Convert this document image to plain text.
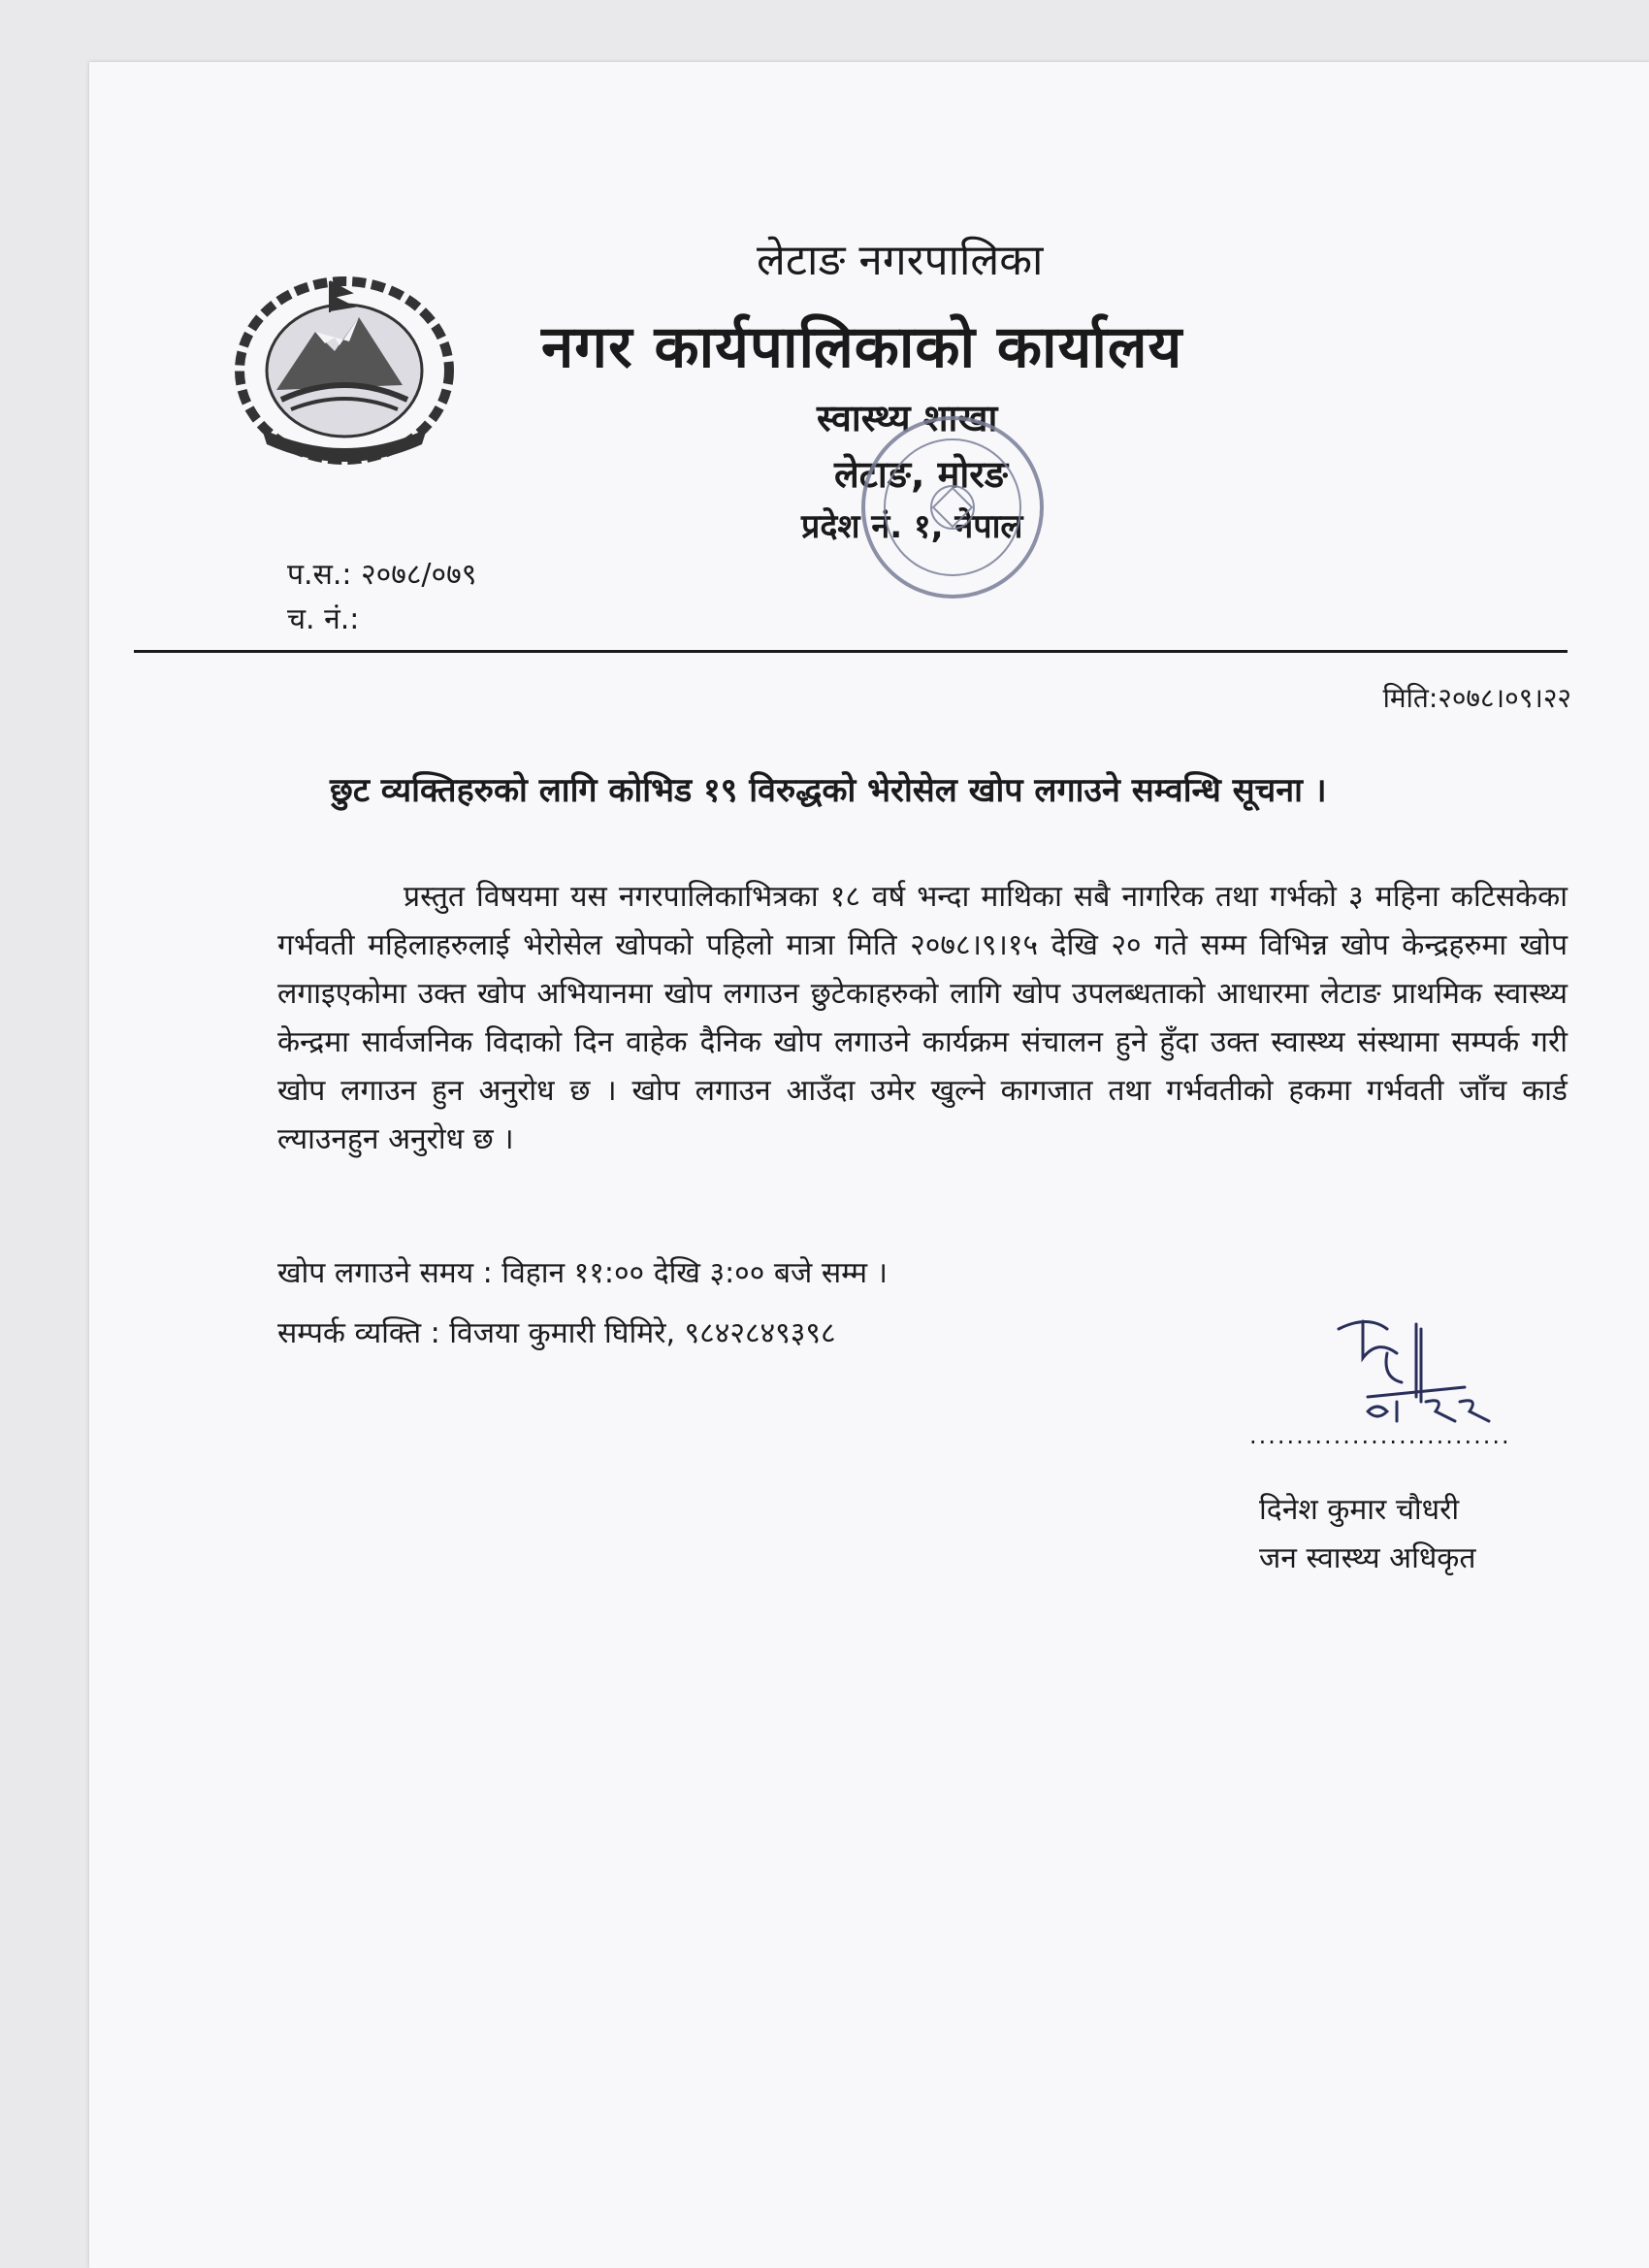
लेटाङ नगरपालिका
नगर कार्यपालिकाको कार्यालय
स्वास्थ्य शाखा
लेटाङ, मोरङ
प्रदेश नं. १, नेपाल
प.स.: २०७८/०७९
च. नं.:
मिति:२०७८।०९।२२
छुट व्यक्तिहरुको लागि कोभिड १९ विरुद्धको भेरोसेल खोप लगाउने सम्वन्धि सूचना ।
प्रस्तुत विषयमा यस नगरपालिकाभित्रका १८ वर्ष भन्दा माथिका सबै नागरिक तथा गर्भको ३ महिना कटिसकेका गर्भवती महिलाहरुलाई भेरोसेल खोपको पहिलो मात्रा मिति २०७८।९।१५ देखि २० गते सम्म विभिन्न खोप केन्द्रहरुमा खोप लगाइएकोमा उक्त खोप अभियानमा खोप लगाउन छुटेकाहरुको लागि खोप उपलब्धताको आधारमा लेटाङ प्राथमिक स्वास्थ्य केन्द्रमा सार्वजनिक विदाको दिन वाहेक दैनिक खोप लगाउने कार्यक्रम संचालन हुने हुँदा उक्त स्वास्थ्य संस्थामा सम्पर्क गरी खोप लगाउन हुन अनुरोध छ । खोप लगाउन आउँदा उमेर खुल्ने कागजात तथा गर्भवतीको हकमा गर्भवती जाँच कार्ड ल्याउनहुन अनुरोध छ ।
खोप लगाउने समय : विहान ११:०० देखि ३:०० बजे सम्म ।
सम्पर्क व्यक्ति : विजया कुमारी घिमिरे, ९८४२८४९३९८
............................
दिनेश कुमार चौधरी
जन स्वास्थ्य अधिकृत
